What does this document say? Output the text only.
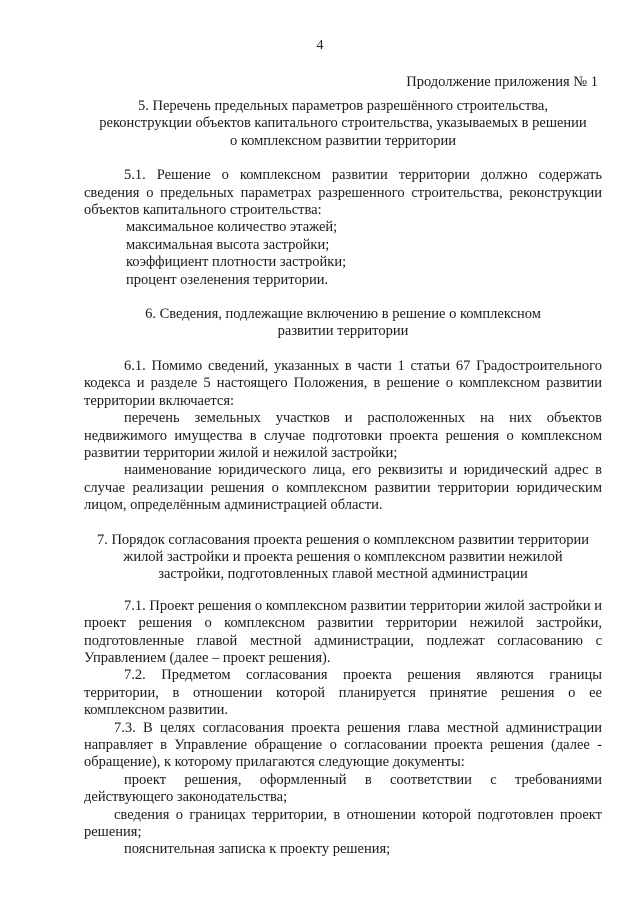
4
Продолжение приложения № 1
5. Перечень предельных параметров разрешённого строительства, реконструкции объектов капитального строительства, указываемых в решении о комплексном развитии территории

5.1. Решение о комплексном развитии территории должно содержать сведения о предельных параметрах разрешенного строительства, реконструкции объектов капитального строительства:

максимальное количество этажей;

максимальная высота застройки;

коэффициент плотности застройки;

процент озеленения территории.

6. Сведения, подлежащие включению в решение о комплексном развитии территории

6.1. Помимо сведений, указанных в части 1 статьи 67 Градостроительного кодекса и разделе 5 настоящего Положения, в решение о комплексном развитии территории включается:

перечень земельных участков и расположенных на них объектов недвижимого имущества в случае подготовки проекта решения о комплексном развитии территории жилой и нежилой застройки;

наименование юридического лица, его реквизиты и юридический адрес в случае реализации решения о комплексном развитии территории юридическим лицом, определённым администрацией области.

7. Порядок согласования проекта решения о комплексном развитии территории жилой застройки и проекта решения о комплексном развитии нежилой застройки, подготовленных главой местной администрации

7.1. Проект решения о комплексном развитии территории жилой застройки и проект решения о комплексном развитии территории нежилой застройки, подготовленные главой местной администрации, подлежат согласованию с Управлением (далее – проект решения).

7.2. Предметом согласования проекта решения являются границы территории, в отношении которой планируется принятие решения о ее комплексном развитии.

7.3. В целях согласования проекта решения глава местной администрации направляет в Управление обращение о согласовании проекта решения (далее - обращение), к которому прилагаются следующие документы:

проект решения, оформленный в соответствии с требованиями действующего законодательства;

сведения о границах территории, в отношении которой подготовлен проект решения;

пояснительная записка к проекту решения;
